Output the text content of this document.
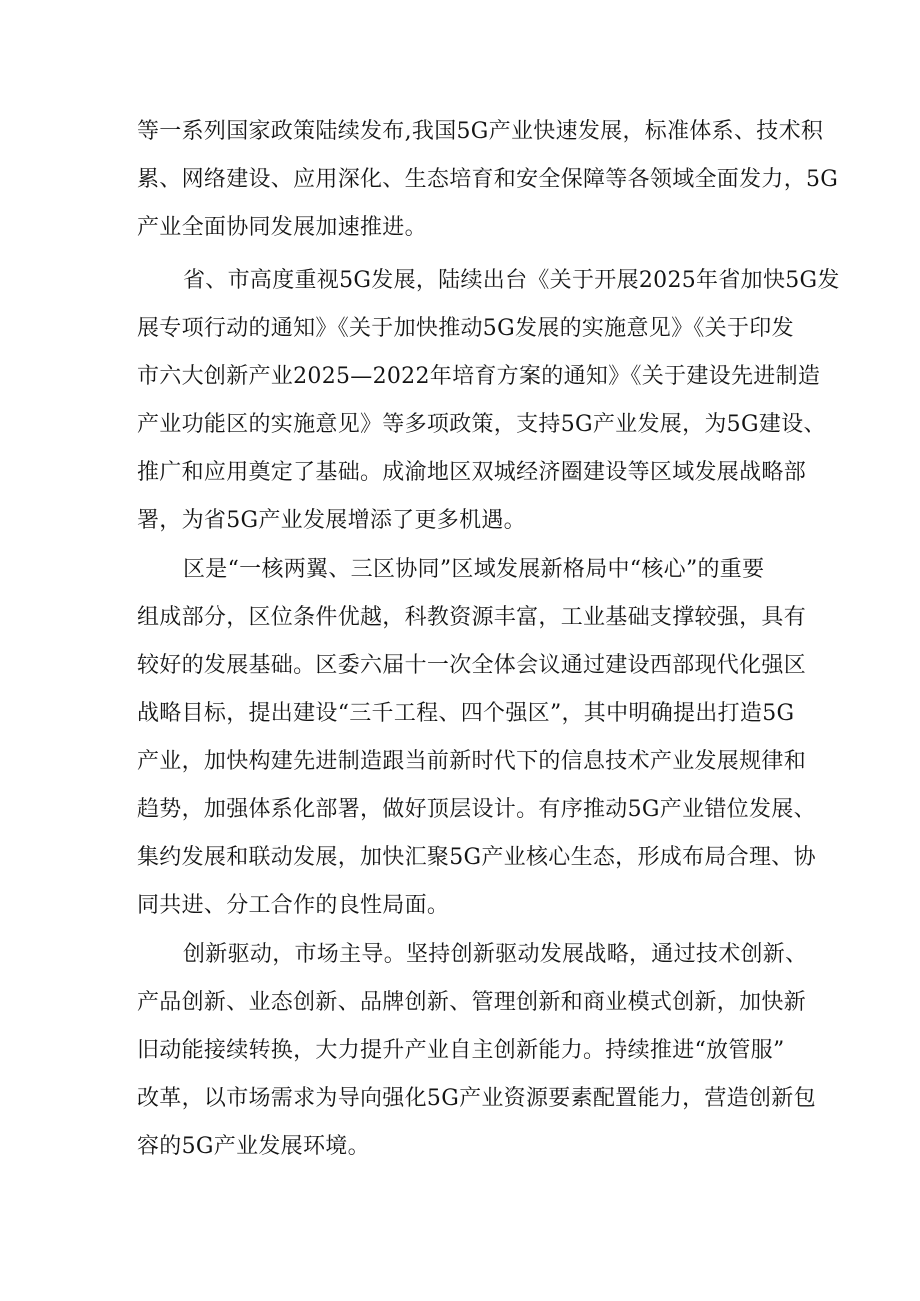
等一系列国家政策陆续发布,我国5G产业快速发展，标准体系、技术积
累、网络建设、应用深化、生态培育和安全保障等各领域全面发力，5G
产业全面协同发展加速推进。
省、市高度重视5G发展，陆续出台《关于开展2025年省加快5G发
展专项行动的通知》《关于加快推动5G发展的实施意见》《关于印发
市六大创新产业2025—2022年培育方案的通知》《关于建设先进制造
产业功能区的实施意见》等多项政策，支持5G产业发展，为5G建设、
推广和应用奠定了基础。成渝地区双城经济圈建设等区域发展战略部
署，为省5G产业发展增添了更多机遇。
区是“一核两翼、三区协同”区域发展新格局中“核心”的重要
组成部分，区位条件优越，科教资源丰富，工业基础支撑较强，具有
较好的发展基础。区委六届十一次全体会议通过建设西部现代化强区
战略目标，提出建设“三千工程、四个强区”，其中明确提出打造5G
产业，加快构建先进制造跟当前新时代下的信息技术产业发展规律和
趋势，加强体系化部署，做好顶层设计。有序推动5G产业错位发展、
集约发展和联动发展，加快汇聚5G产业核心生态，形成布局合理、协
同共进、分工合作的良性局面。
创新驱动，市场主导。坚持创新驱动发展战略，通过技术创新、
产品创新、业态创新、品牌创新、管理创新和商业模式创新，加快新
旧动能接续转换，大力提升产业自主创新能力。持续推进“放管服”
改革，以市场需求为导向强化5G产业资源要素配置能力，营造创新包
容的5G产业发展环境。
